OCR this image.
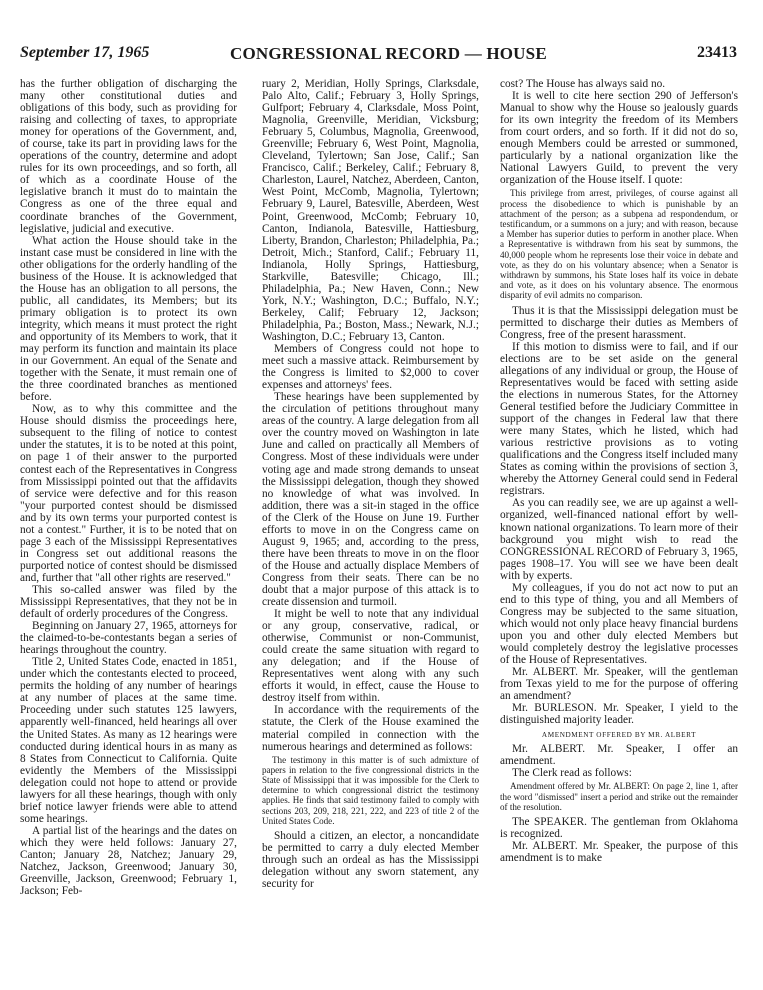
September 17, 1965	CONGRESSIONAL RECORD — HOUSE	23413

has the further obligation of discharging the many other constitutional duties and obligations of this body, such as providing for raising and collecting of taxes, to appropriate money for operations of the Government, and, of course, take its part in providing laws for the operations of the country, determine and adopt rules for its own proceedings, and so forth, all of which as a coordinate House of the legislative branch it must do to maintain the Congress as one of the three equal and coordinate branches of the Government, legislative, judicial and executive.

What action the House should take in the instant case must be considered in line with the other obligations for the orderly handling of the business of the House. It is acknowledged that the House has an obligation to all persons, the public, all candidates, its Members; but its primary obligation is to protect its own integrity, which means it must protect the right and opportunity of its Members to work, that it may perform its function and maintain its place in our Government. An equal of the Senate and together with the Senate, it must remain one of the three coordinated branches as mentioned before.

Now, as to why this committee and the House should dismiss the proceedings here, subsequent to the filing of notice to contest under the statutes, it is to be noted at this point, on page 1 of their answer to the purported contest each of the Representatives in Congress from Mississippi pointed out that the affidavits of service were defective and for this reason "your purported contest should be dismissed and by its own terms your purported contest is not a contest." Further, it is to be noted that on page 3 each of the Mississippi Representatives in Congress set out additional reasons the purported notice of contest should be dismissed and, further that "all other rights are reserved."

This so-called answer was filed by the Mississippi Representatives, that they not be in default of orderly procedures of the Congress.

Beginning on January 27, 1965, attorneys for the claimed-to-be-contestants began a series of hearings throughout the country.

Title 2, United States Code, enacted in 1851, under which the contestants elected to proceed, permits the holding of any number of hearings at any number of places at the same time. Proceeding under such statutes 125 lawyers, apparently well-financed, held hearings all over the United States. As many as 12 hearings were conducted during identical hours in as many as 8 States from Connecticut to California. Quite evidently the Members of the Mississippi delegation could not hope to attend or provide lawyers for all these hearings, though with only brief notice lawyer friends were able to attend some hearings.

A partial list of the hearings and the dates on which they were held follows: January 27, Canton; January 28, Natchez; January 29, Natchez, Jackson, Greenwood; January 30, Greenville, Jackson, Greenwood; February 1, Jackson; Feb-

ruary 2, Meridian, Holly Springs, Clarksdale, Palo Alto, Calif.; February 3, Holly Springs, Gulfport; February 4, Clarksdale, Moss Point, Magnolia, Greenville, Meridian, Vicksburg; February 5, Columbus, Magnolia, Greenwood, Greenville; February 6, West Point, Magnolia, Cleveland, Tylertown; San Jose, Calif.; San Francisco, Calif.; Berkeley, Calif.; February 8, Charleston, Laurel, Natchez, Aberdeen, Canton, West Point, McComb, Magnolia, Tylertown; February 9, Laurel, Batesville, Aberdeen, West Point, Greenwood, McComb; February 10, Canton, Indianola, Batesville, Hattiesburg, Liberty, Brandon, Charleston; Philadelphia, Pa.; Detroit, Mich.; Stanford, Calif.; February 11, Indianola, Holly Springs, Hattiesburg, Starkville, Batesville; Chicago, Ill.; Philadelphia, Pa.; New Haven, Conn.; New York, N.Y.; Washington, D.C.; Buffalo, N.Y.; Berkeley, Calif; February 12, Jackson; Philadelphia, Pa.; Boston, Mass.; Newark, N.J.; Washington, D.C.; February 13, Canton.

Members of Congress could not hope to meet such a massive attack. Reimbursement by the Congress is limited to $2,000 to cover expenses and attorneys' fees.

These hearings have been supplemented by the circulation of petitions throughout many areas of the country. A large delegation from all over the country moved on Washington in late June and called on practically all Members of Congress. Most of these individuals were under voting age and made strong demands to unseat the Mississippi delegation, though they showed no knowledge of what was involved. In addition, there was a sit-in staged in the office of the Clerk of the House on June 19. Further efforts to move in on the Congress came on August 9, 1965; and, according to the press, there have been threats to move in on the floor of the House and actually displace Members of Congress from their seats. There can be no doubt that a major purpose of this attack is to create dissension and turmoil.

It might be well to note that any individual or any group, conservative, radical, or otherwise, Communist or non-Communist, could create the same situation with regard to any delegation; and if the House of Representatives went along with any such efforts it would, in effect, cause the House to destroy itself from within.

In accordance with the requirements of the statute, the Clerk of the House examined the material compiled in connection with the numerous hearings and determined as follows:

The testimony in this matter is of such admixture of papers in relation to the five congressional districts in the State of Mississippi that it was impossible for the Clerk to determine to which congressional district the testimony applies. He finds that said testimony failed to comply with sections 203, 209, 218, 221, 222, and 223 of title 2 of the United States Code.

Should a citizen, an elector, a noncandidate be permitted to carry a duly elected Member through such an ordeal as has the Mississippi delegation without any sworn statement, any security for

cost? The House has always said no.

It is well to cite here section 290 of Jefferson's Manual to show why the House so jealously guards for its own integrity the freedom of its Members from court orders, and so forth. If it did not do so, enough Members could be arrested or summoned, particularly by a national organization like the National Lawyers Guild, to prevent the very organization of the House itself. I quote:

This privilege from arrest, privileges, of course against all process the disobedience to which is punishable by an attachment of the person; as a subpena ad respondendum, or testificandum, or a summons on a jury; and with reason, because a Member has superior duties to perform in another place. When a Representative is withdrawn from his seat by summons, the 40,000 people whom he represents lose their voice in debate and vote, as they do on his voluntary absence; when a Senator is withdrawn by summons, his State loses half its voice in debate and vote, as it does on his voluntary absence. The enormous disparity of evil admits no comparison.

Thus it is that the Mississippi delegation must be permitted to discharge their duties as Members of Congress, free of the present harassment.

If this motion to dismiss were to fail, and if our elections are to be set aside on the general allegations of any individual or group, the House of Representatives would be faced with setting aside the elections in numerous States, for the Attorney General testified before the Judiciary Committee in support of the changes in Federal law that there were many States, which he listed, which had various restrictive provisions as to voting qualifications and the Congress itself included many States as coming within the provisions of section 3, whereby the Attorney General could send in Federal registrars.

As you can readily see, we are up against a well-organized, well-financed national effort by well-known national organizations. To learn more of their background you might wish to read the CONGRESSIONAL RECORD of February 3, 1965, pages 1908–17. You will see we have been dealt with by experts.

My colleagues, if you do not act now to put an end to this type of thing, you and all Members of Congress may be subjected to the same situation, which would not only place heavy financial burdens upon you and other duly elected Members but would completely destroy the legislative processes of the House of Representatives.

Mr. ALBERT. Mr. Speaker, will the gentleman from Texas yield to me for the purpose of offering an amendment?

Mr. BURLESON. Mr. Speaker, I yield to the distinguished majority leader.

AMENDMENT OFFERED BY MR. ALBERT

Mr. ALBERT. Mr. Speaker, I offer an amendment.

The Clerk read as follows:

Amendment offered by Mr. ALBERT: On page 2, line 1, after the word "dismissed" insert a period and strike out the remainder of the resolution.

The SPEAKER. The gentleman from Oklahoma is recognized.

Mr. ALBERT. Mr. Speaker, the purpose of this amendment is to make
